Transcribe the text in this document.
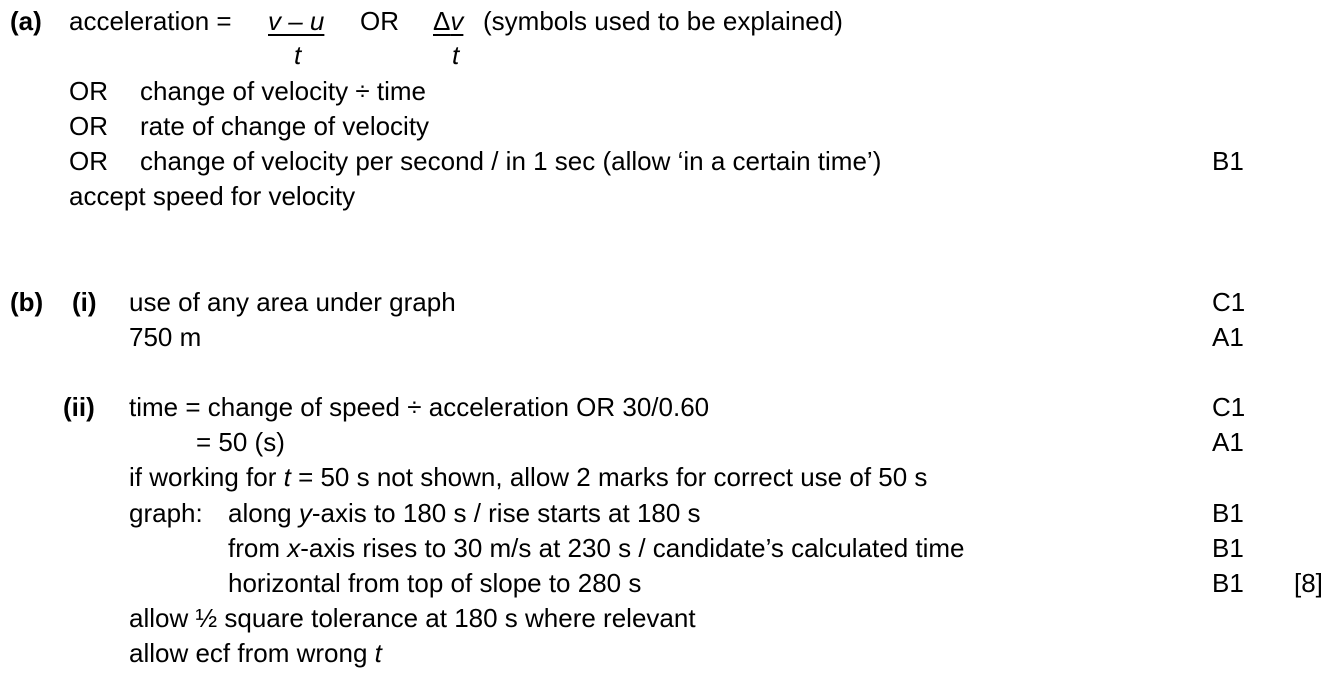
(a) acceleration = v – u
t
OR Δv
t
(symbols used to be explained)
OR change of velocity ÷ time
OR rate of change of velocity
OR change of velocity per second / in 1 sec (allow ‘in a certain time’)	B1
accept speed for velocity
(b) (i) use of any area under graph	C1
750 m	A1
(ii) time = change of speed ÷ acceleration OR 30/0.60	C1
= 50 (s)	A1
if working for t = 50 s not shown, allow 2 marks for correct use of 50 s
graph: along y-axis to 180 s / rise starts at 180 s	B1
from x-axis rises to 30 m/s at 230 s / candidate’s calculated time	B1
horizontal from top of slope to 280 s	B1 [8]
allow ½ square tolerance at 180 s where relevant
allow ecf from wrong t
